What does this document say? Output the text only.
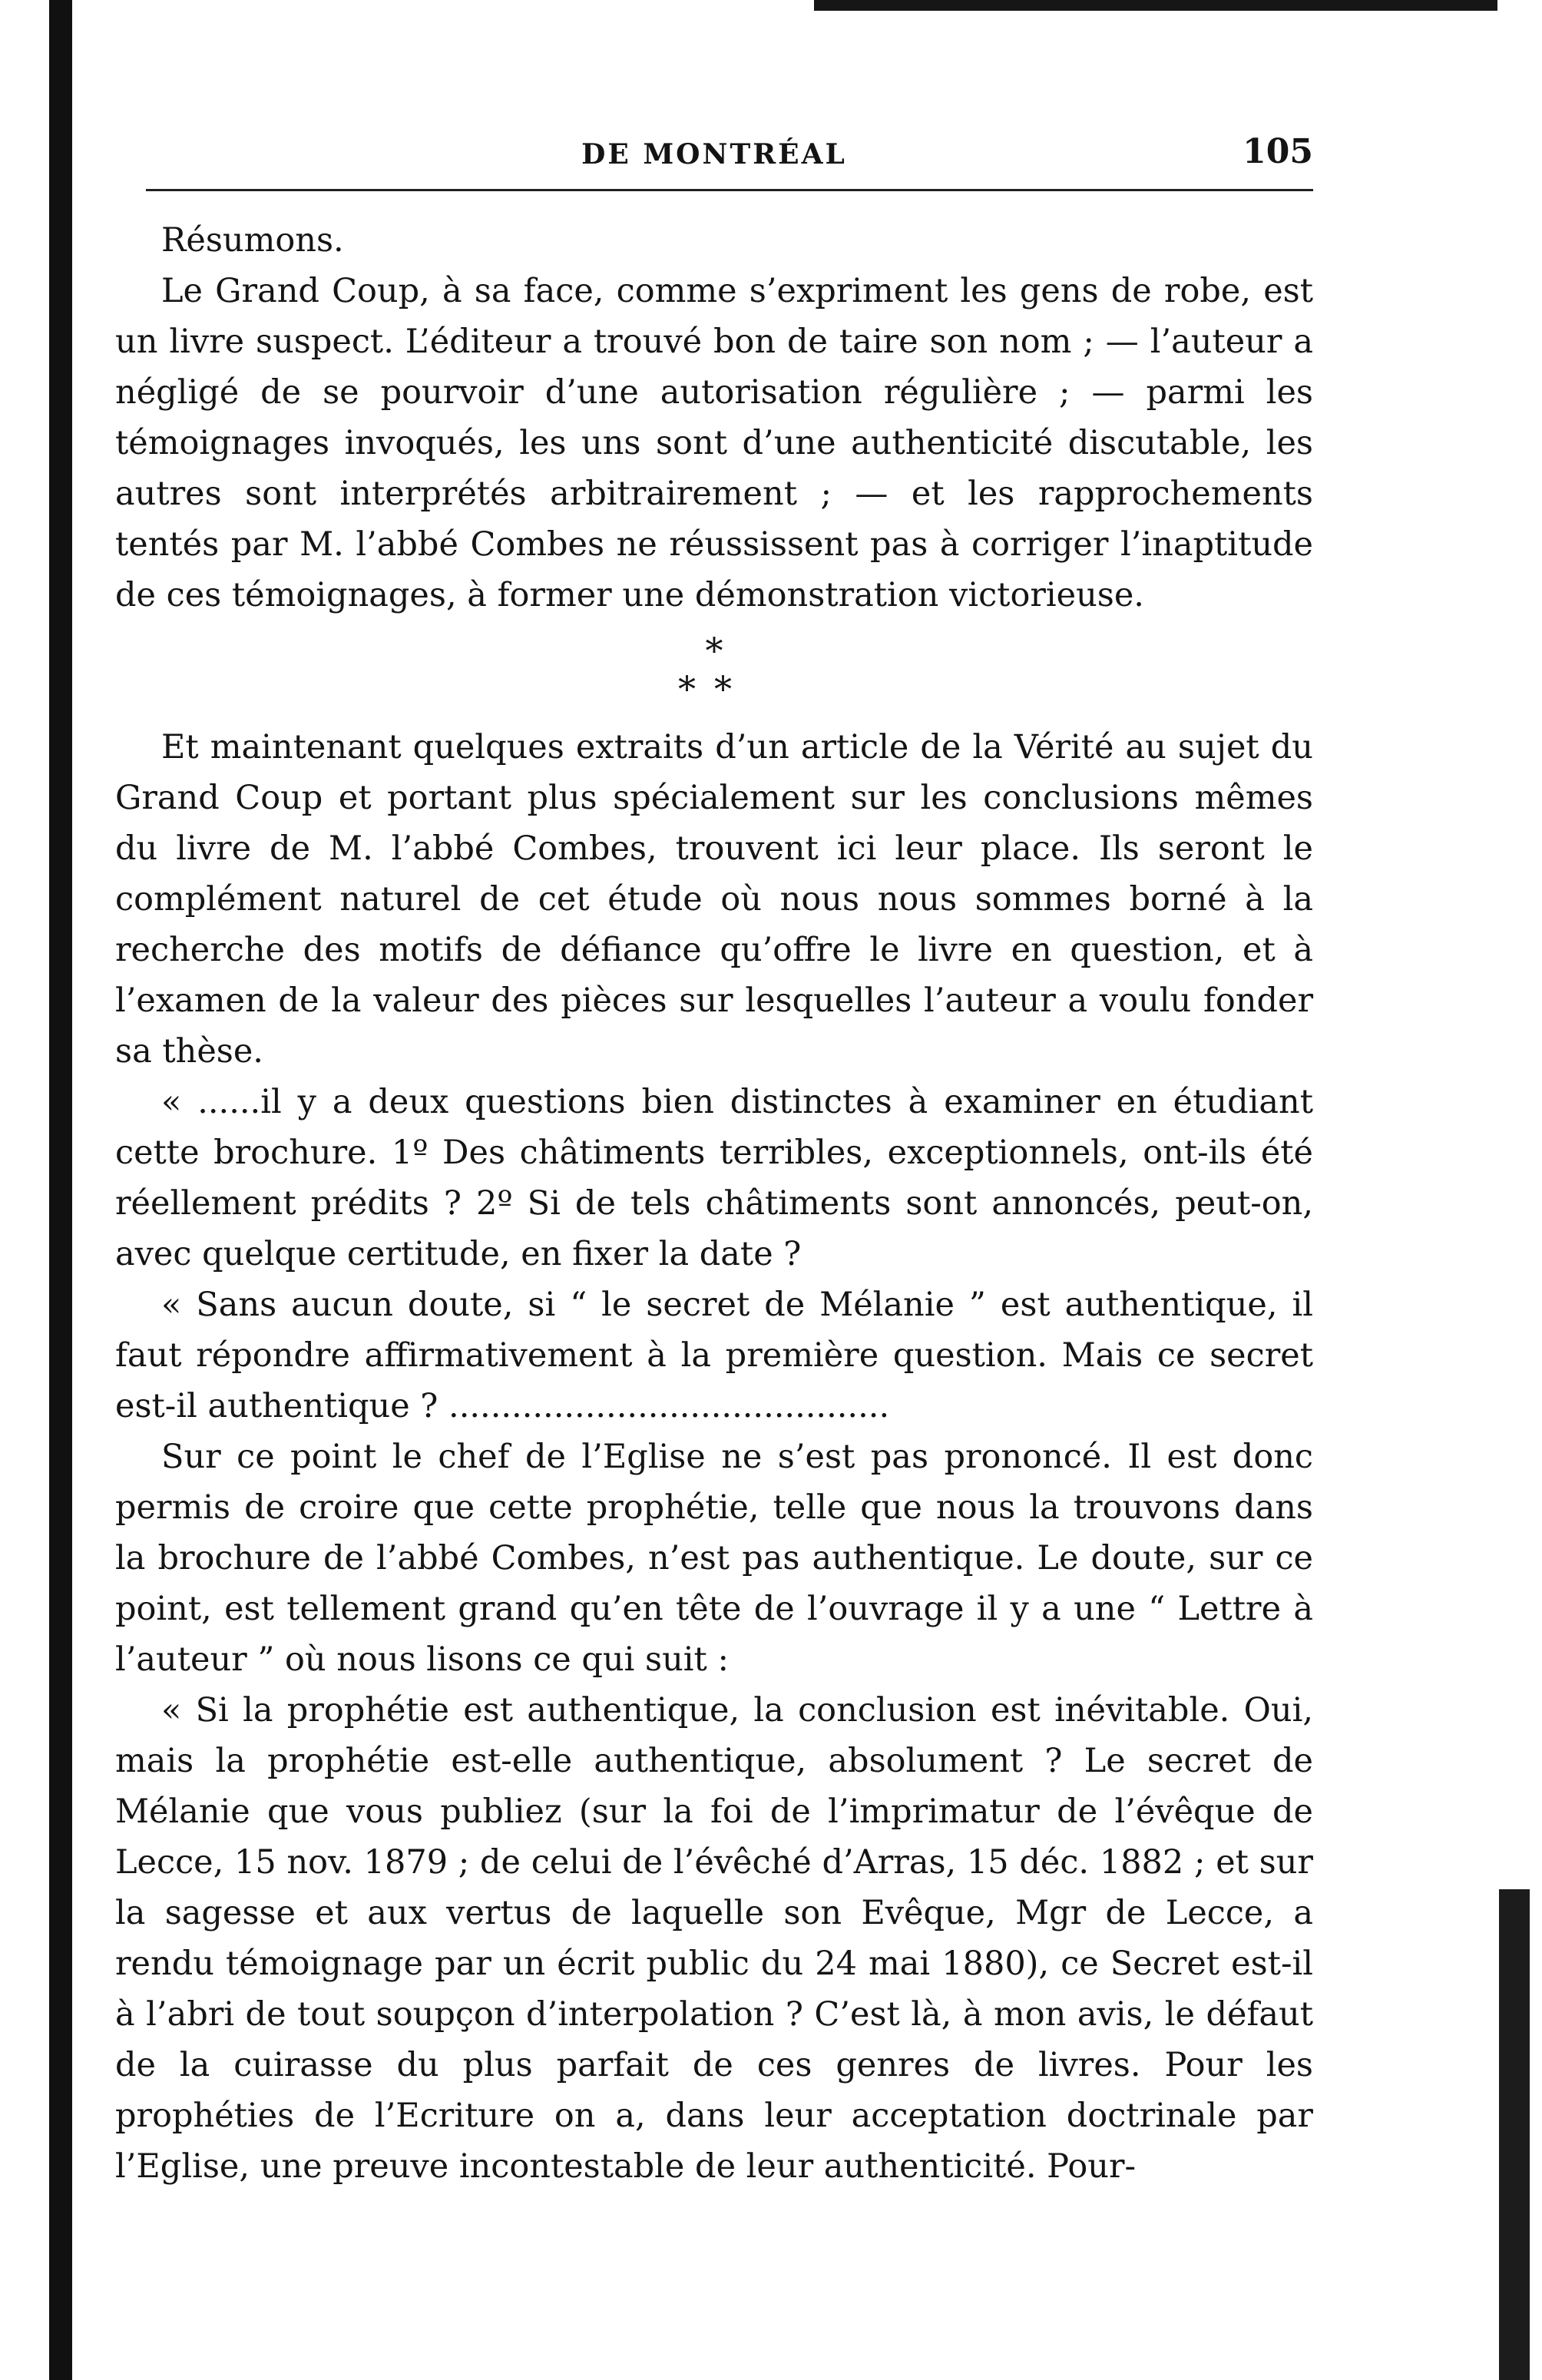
DE MONTRÉAL	105

Résumons.

Le Grand Coup, à sa face, comme s’expriment les gens de robe, est un livre suspect. L’éditeur a trouvé bon de taire son nom ; — l’auteur a négligé de se pourvoir d’une autorisation régulière ; — parmi les témoignages invoqués, les uns sont d’une authenticité discutable, les autres sont interprétés arbitrairement ; — et les rapprochements tentés par M. l’abbé Combes ne réussissent pas à corriger l’inaptitude de ces témoignages, à former une démonstration victorieuse.

*
**

Et maintenant quelques extraits d’un article de la Vérité au sujet du Grand Coup et portant plus spécialement sur les conclusions mêmes du livre de M. l’abbé Combes, trouvent ici leur place. Ils seront le complément naturel de cet étude où nous nous sommes borné à la recherche des motifs de défiance qu’offre le livre en question, et à l’examen de la valeur des pièces sur lesquelles l’auteur a voulu fonder sa thèse.

« ......il y a deux questions bien distinctes à examiner en étudiant cette brochure. 1º Des châtiments terribles, exceptionnels, ont-ils été réellement prédits ? 2º Si de tels châtiments sont annoncés, peut-on, avec quelque certitude, en fixer la date ?

« Sans aucun doute, si “ le secret de Mélanie ” est authentique, il faut répondre affirmativement à la première question. Mais ce secret est-il authentique ? ..........................................

Sur ce point le chef de l’Eglise ne s’est pas prononcé. Il est donc permis de croire que cette prophétie, telle que nous la trouvons dans la brochure de l’abbé Combes, n’est pas authentique. Le doute, sur ce point, est tellement grand qu’en tête de l’ouvrage il y a une “ Lettre à l’auteur ” où nous lisons ce qui suit :

« Si la prophétie est authentique, la conclusion est inévitable. Oui, mais la prophétie est-elle authentique, absolument ? Le secret de Mélanie que vous publiez (sur la foi de l’imprimatur de l’évêque de Lecce, 15 nov. 1879 ; de celui de l’évêché d’Arras, 15 déc. 1882 ; et sur la sagesse et aux vertus de laquelle son Evêque, Mgr de Lecce, a rendu témoignage par un écrit public du 24 mai 1880), ce Secret est-il à l’abri de tout soupçon d’interpolation ? C’est là, à mon avis, le défaut de la cuirasse du plus parfait de ces genres de livres. Pour les prophéties de l’Ecriture on a, dans leur acceptation doctrinale par l’Eglise, une preuve incontestable de leur authenticité. Pour-
